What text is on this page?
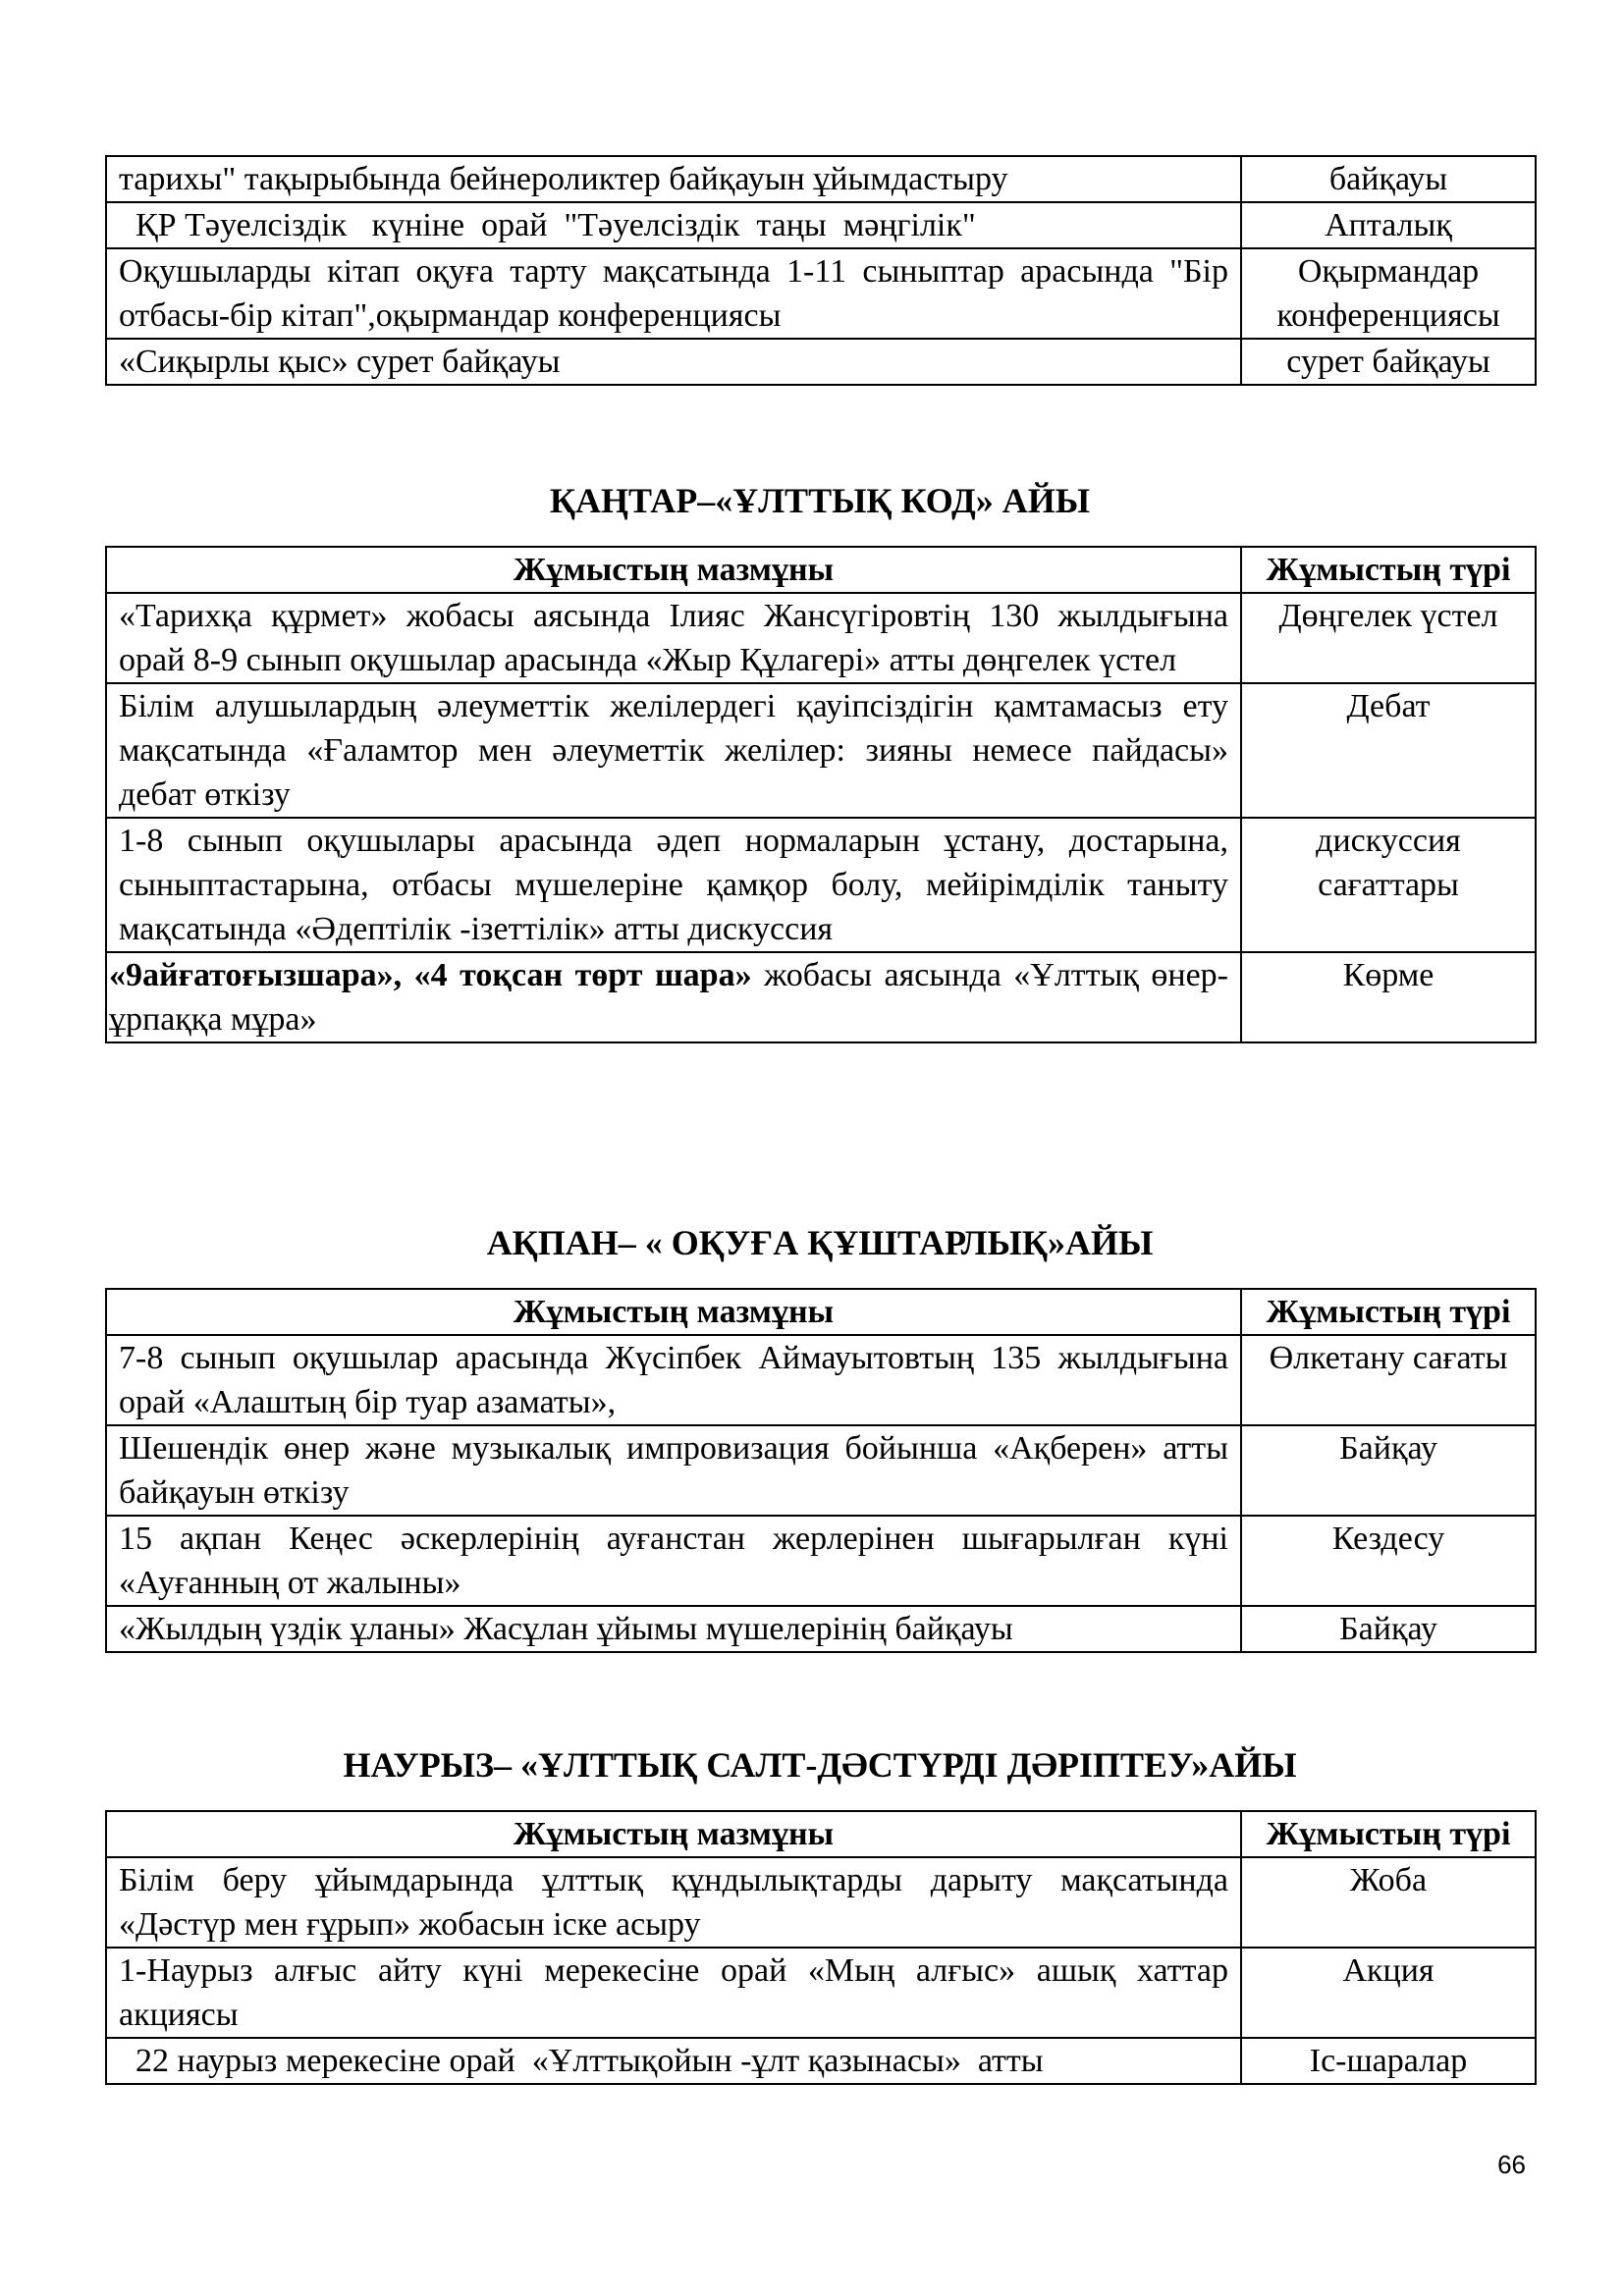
тарихы" тақырыбында бейнероликтер байқауын ұйымдастыру	байқауы
ҚР Тәуелсіздік   күніне  орай  "Тәуелсіздік  таңы  мәңгілік"	Апталық
Оқушыларды кітап оқуға тарту мақсатында 1-11 сыныптар арасында "Бір отбасы-бір кітап",оқырмандар конференциясы	Оқырмандар конференциясы
«Сиқырлы қыс» сурет байқауы	сурет байқауы
ҚАҢТАР–«ҰЛТТЫҚ КОД» АЙЫ
Жұмыстың мазмұны	Жұмыстың түрі
«Тарихқа құрмет» жобасы аясында Ілияс Жансүгіровтің 130 жылдығына орай 8-9 сынып оқушылар арасында «Жыр Құлагері» атты дөңгелек үстел	Дөңгелек үстел
Білім алушылардың әлеуметтік желілердегі қауіпсіздігін қамтамасыз ету мақсатында «Ғаламтор мен әлеуметтік желілер: зияны немесе пайдасы» дебат өткізу	Дебат
1-8 сынып оқушылары арасында әдеп нормаларын ұстану, достарына, сыныптастарына, отбасы мүшелеріне қамқор болу, мейірімділік таныту мақсатында «Әдептілік -ізеттілік» атты дискуссия	дискуссия сағаттары
«9айғатоғызшара», «4 тоқсан төрт шара» жобасы аясында «Ұлттық өнер-ұрпаққа мұра»	Көрме
АҚПАН– « ОҚУҒА ҚҰШТАРЛЫҚ»АЙЫ
Жұмыстың мазмұны	Жұмыстың түрі
7-8 сынып оқушылар арасында Жүсіпбек Аймауытовтың 135 жылдығына орай «Алаштың бір туар азаматы»,	Өлкетану сағаты
Шешендік өнер және музыкалық импровизация бойынша «Ақберен» атты байқауын өткізу	Байқау
15 ақпан Кеңес әскерлерінің ауғанстан жерлерінен шығарылған күні «Ауғанның от жалыны»	Кездесу
«Жылдың үздік ұланы» Жасұлан ұйымы мүшелерінің байқауы	Байқау
НАУРЫЗ– «ҰЛТТЫҚ САЛТ-ДӘСТҮРДІ ДӘРІПТЕУ»АЙЫ
Жұмыстың мазмұны	Жұмыстың түрі
Білім беру ұйымдарында ұлттық құндылықтарды дарыту мақсатында «Дәстүр мен ғұрып» жобасын іске асыру	Жоба
1-Наурыз алғыс айту күні мерекесіне орай «Мың алғыс» ашық хаттар акциясы	Акция
22 наурыз мерекесіне орай  «Ұлттықойын -ұлт қазынасы»  атты	Іс-шаралар
66
